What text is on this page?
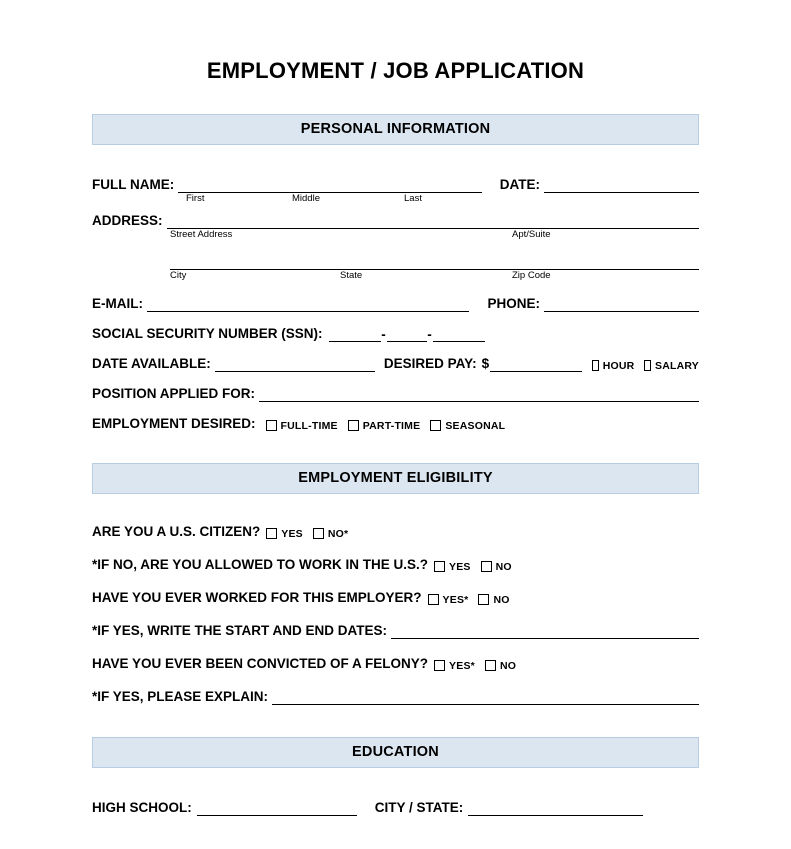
EMPLOYMENT / JOB APPLICATION
PERSONAL INFORMATION
FULL NAME:	DATE:
First	Middle	Last
ADDRESS:
Street Address	Apt/Suite
City	State	Zip Code
E-MAIL:	PHONE:
SOCIAL SECURITY NUMBER (SSN):	-	-
DATE AVAILABLE:	DESIRED PAY: $	HOUR SALARY
POSITION APPLIED FOR:
EMPLOYMENT DESIRED: FULL-TIME PART-TIME SEASONAL
EMPLOYMENT ELIGIBILITY
ARE YOU A U.S. CITIZEN? YES NO*
*IF NO, ARE YOU ALLOWED TO WORK IN THE U.S.? YES NO
HAVE YOU EVER WORKED FOR THIS EMPLOYER? YES* NO
*IF YES, WRITE THE START AND END DATES:
HAVE YOU EVER BEEN CONVICTED OF A FELONY? YES* NO
*IF YES, PLEASE EXPLAIN:
EDUCATION
HIGH SCHOOL:	CITY / STATE:
